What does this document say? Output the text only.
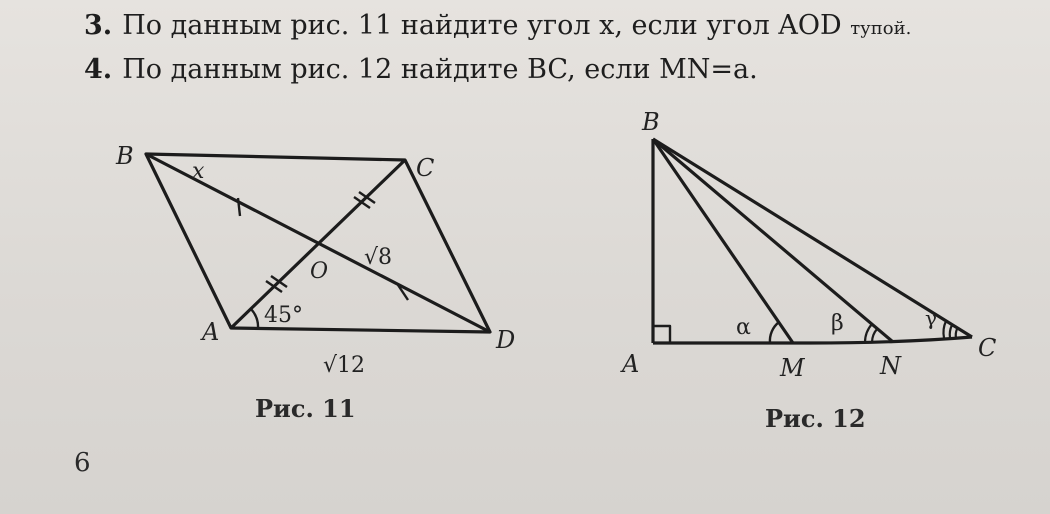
3. По данным рис. 11 найдите угол x, если угол AOD тупой.
4. По данным рис. 12 найдите BC, если MN=a.
B	C
A	D
O
x
45°
√8
√12
B
A	M	N
C
α	β	γ
Рис. 11	Рис. 12
6
